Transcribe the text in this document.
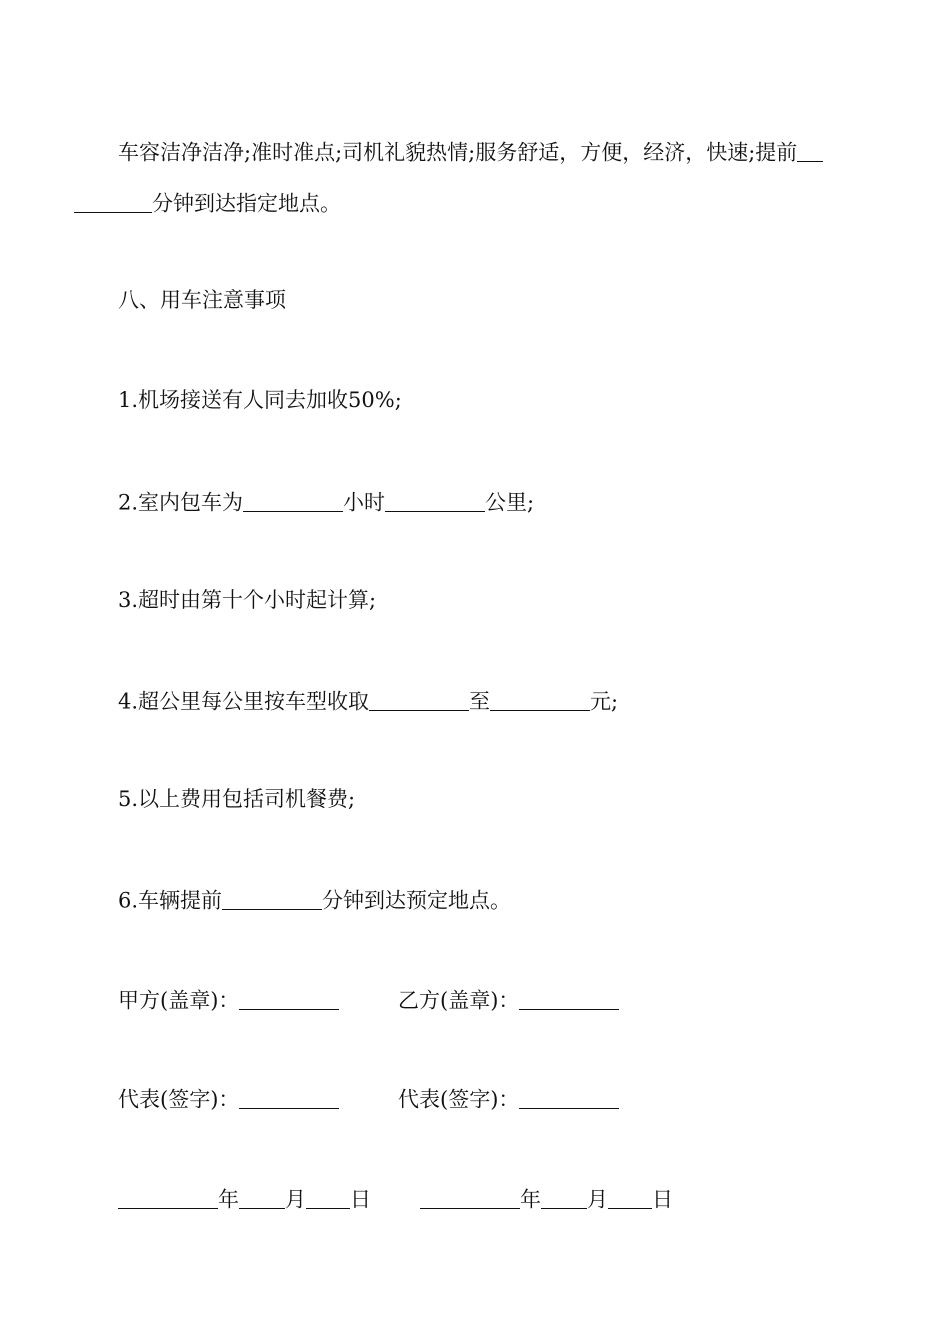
车容洁净洁净;准时准点;司机礼貌热情;服务舒适，方便，经济，快速;提前
分钟到达指定地点。
八、用车注意事项
1.机场接送有人同去加收50%;
2.室内包车为	小时	公里;
3.超时由第十个小时起计算;
4.超公里每公里按车型收取	至	元;
5.以上费用包括司机餐费;
6.车辆提前	分钟到达预定地点。
甲方(盖章)：	乙方(盖章)：
代表(签字)：	代表(签字)：
年 月 日	年 月 日
